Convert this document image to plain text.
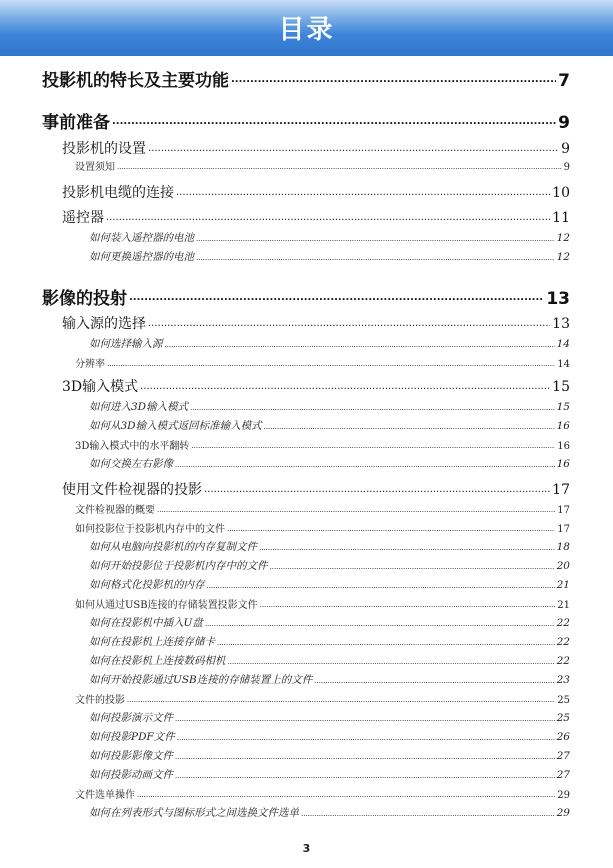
目录
投影机的特长及主要功能 .....	7
事前准备 .....	9
投影机的设置 .....	9
设置须知 .....	9
投影机电缆的连接 .....	10
遥控器 .....	11
如何装入遥控器的电池 .....	12
如何更换遥控器的电池 .....	12
影像的投射 .....	13
输入源的选择 .....	13
如何选择输入源 .....	14
分辨率 .....	14
3D输入模式 .....	15
如何进入3D输入模式 .....	15
如何从3D输入模式返回标准输入模式 .....	16
3D输入模式中的水平翻转 .....	16
如何交换左右影像 .....	16
使用文件检视器的投影 .....	17
文件检视器的概要 .....	17
如何投影位于投影机内存中的文件 .....	17
如何从电脑向投影机的内存复制文件 .....	18
如何开始投影位于投影机内存中的文件 .....	20
如何格式化投影机的内存 .....	21
如何从通过USB连接的存储装置投影文件 .....	21
如何在投影机中插入U盘 .....	22
如何在投影机上连接存储卡 .....	22
如何在投影机上连接数码相机 .....	22
如何开始投影通过USB连接的存储装置上的文件 .....	23
文件的投影 .....	25
如何投影演示文件 .....	25
如何投影PDF文件 .....	26
如何投影影像文件 .....	27
如何投影动画文件 .....	27
文件选单操作 .....	29
如何在列表形式与图标形式之间选换文件选单 .....	29
3
